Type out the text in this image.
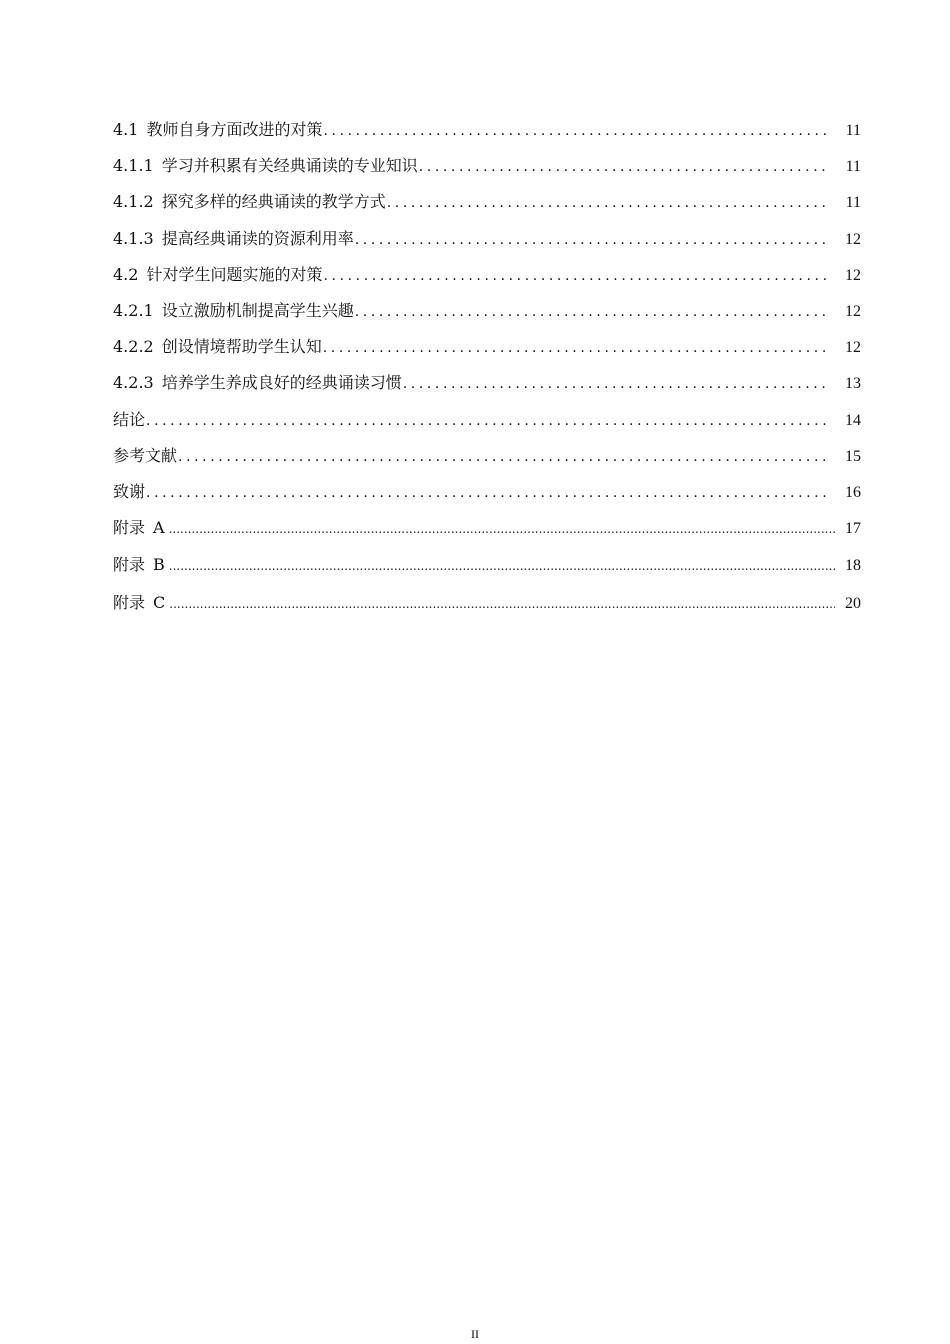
4.1 教师自身方面改进的对策 .....	11
4.1.1 学习并积累有关经典诵读的专业知识 .....	11
4.1.2 探究多样的经典诵读的教学方式 .....	11
4.1.3 提高经典诵读的资源利用率 .....	12
4.2 针对学生问题实施的对策 .....	12
4.2.1 设立激励机制提高学生兴趣 .....	12
4.2.2 创设情境帮助学生认知 .....	12
4.2.3 培养学生养成良好的经典诵读习惯 .....	13
结论 .....	14
参考文献 .....	15
致谢 .....	16
附录 A .....	17
附录 B .....	18
附录 C .....	20
II
